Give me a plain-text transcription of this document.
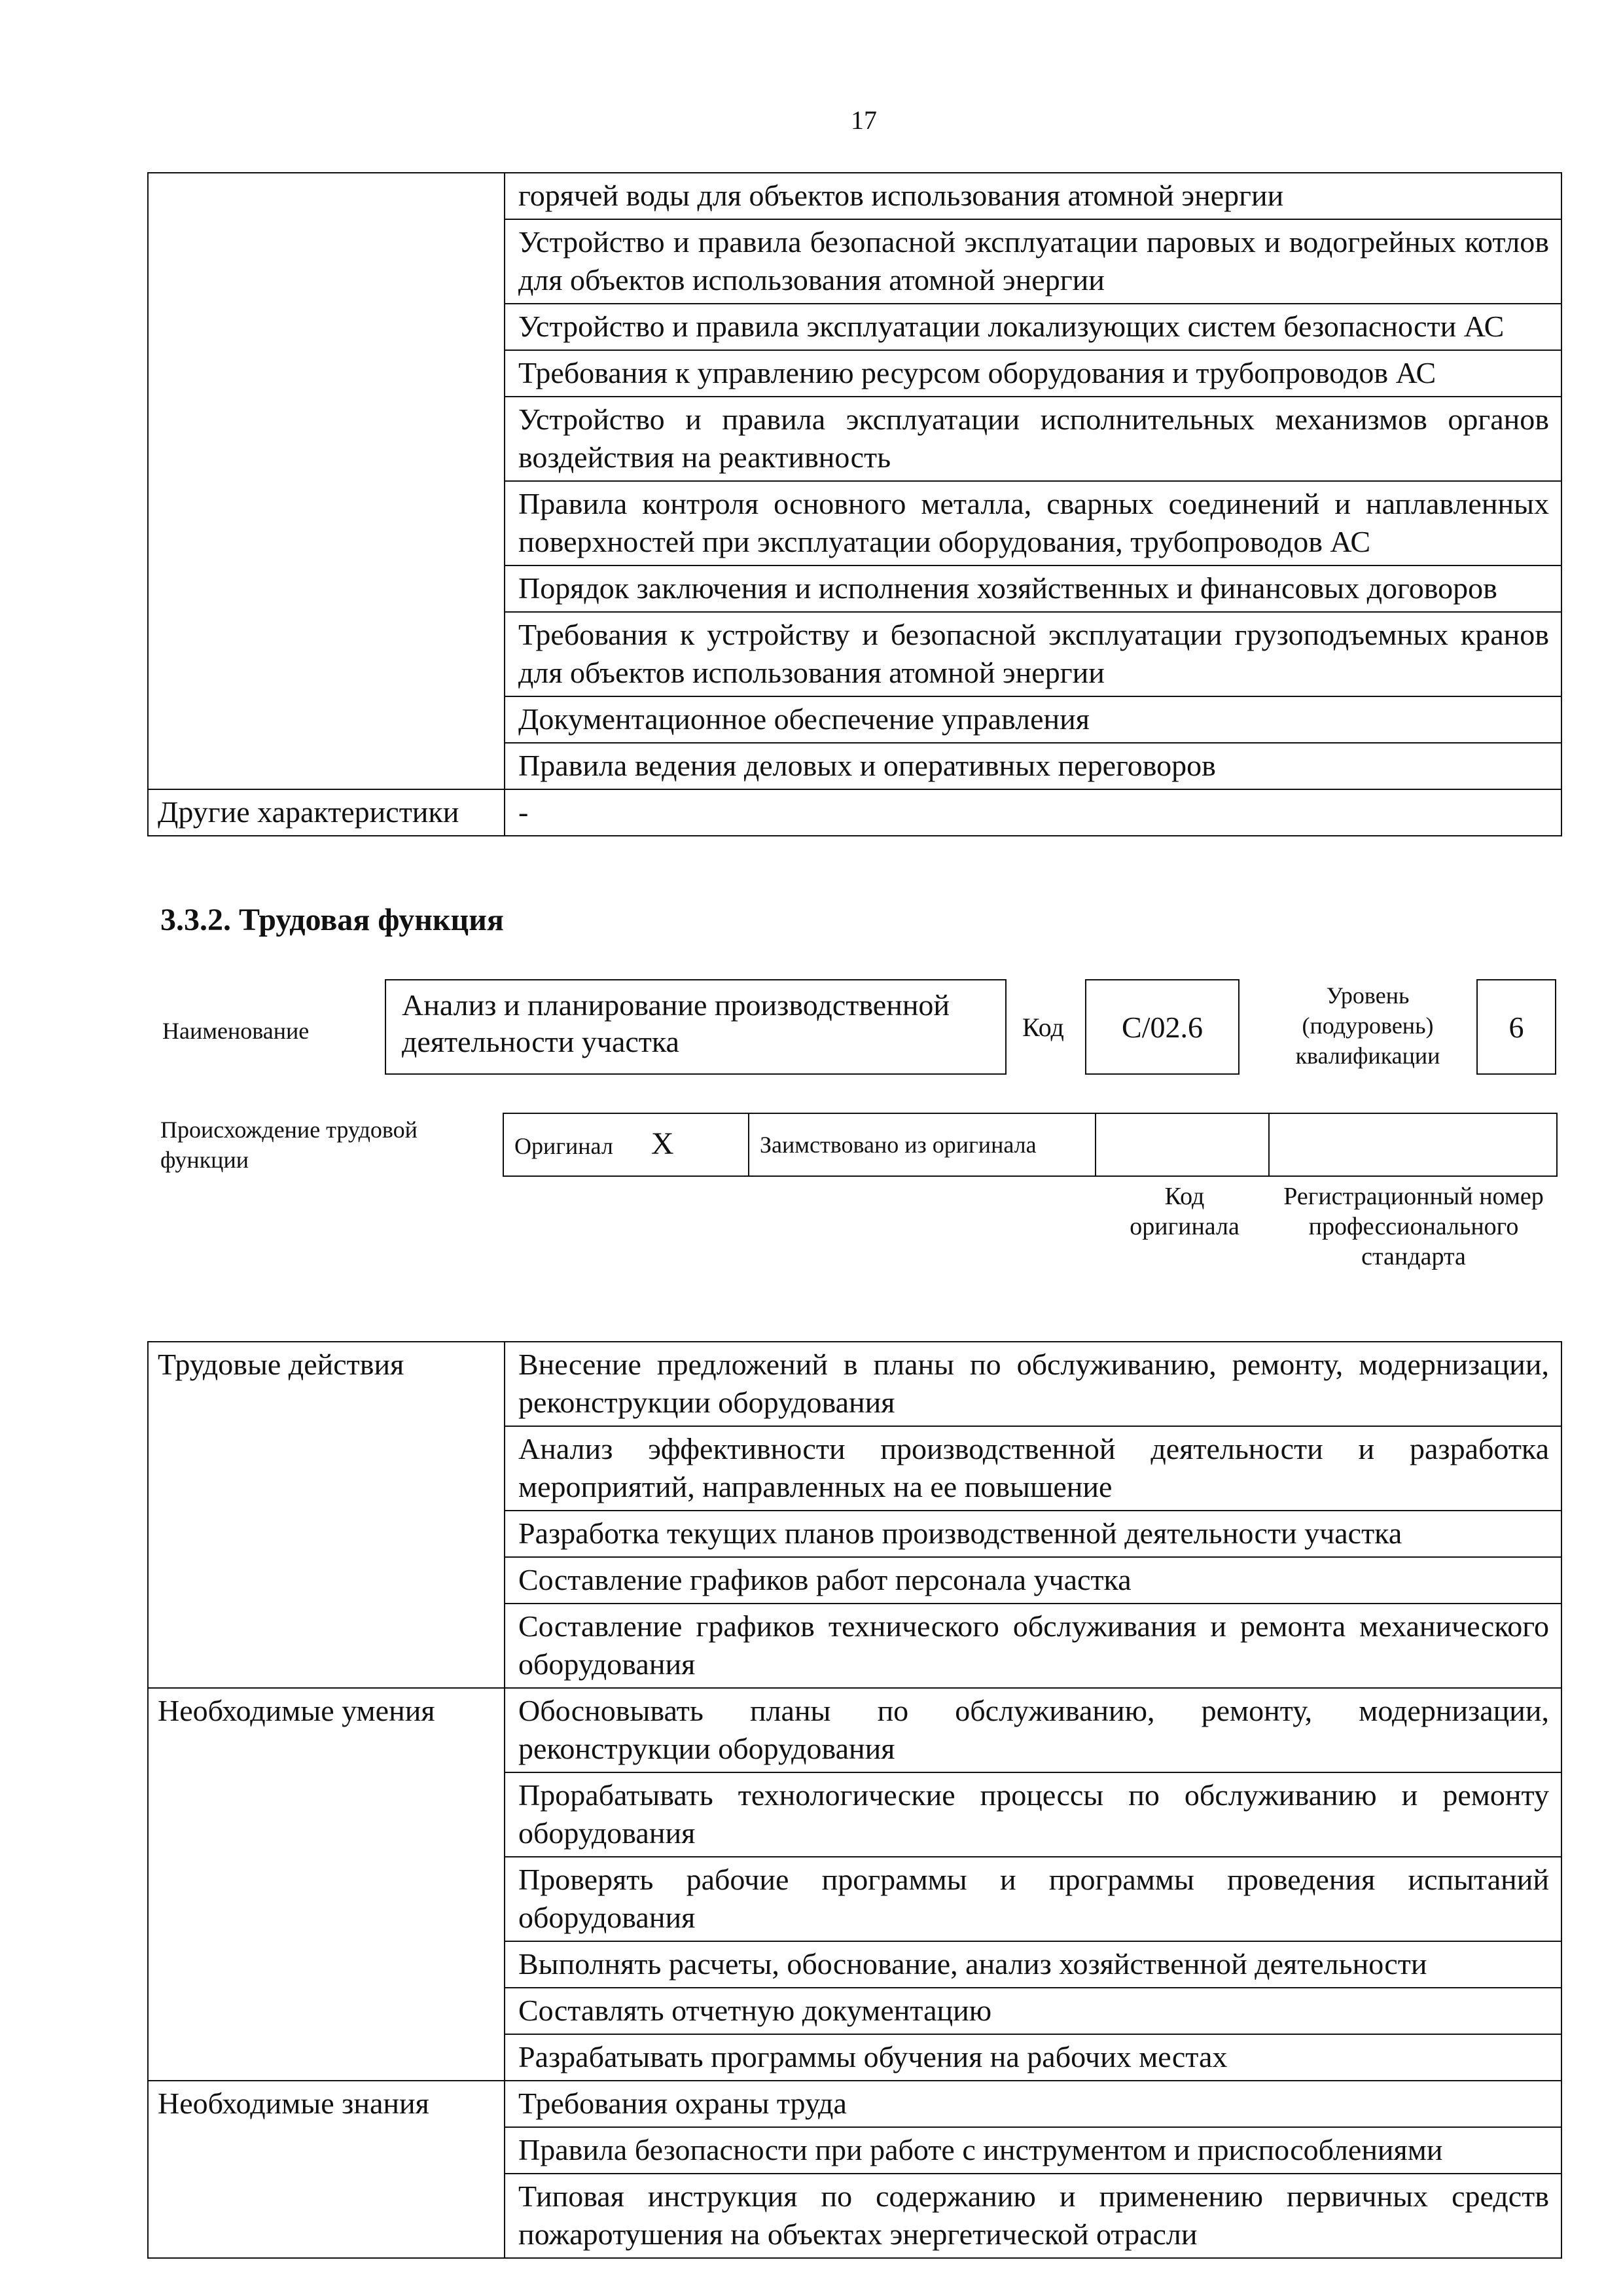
17
	горячей воды для объектов использования атомной энергии
	Устройство и правила безопасной эксплуатации паровых и водогрейных котлов для объектов использования атомной энергии
	Устройство и правила эксплуатации локализующих систем безопасности АС
	Требования к управлению ресурсом оборудования и трубопроводов АС
	Устройство и правила эксплуатации исполнительных механизмов органов воздействия на реактивность
	Правила контроля основного металла, сварных соединений и наплавленных поверхностей при эксплуатации оборудования, трубопроводов АС
	Порядок заключения и исполнения хозяйственных и финансовых договоров
	Требования к устройству и безопасной эксплуатации грузоподъемных кранов для объектов использования атомной энергии
	Документационное обеспечение управления
	Правила ведения деловых и оперативных переговоров
Другие характеристики	-
3.3.2. Трудовая функция
Наименование
Анализ и планирование производственной деятельности участка	Код	С/02.6
Уровень
(подуровень)
квалификации
6
Происхождение трудовой функции
Оригинал X	Заимствовано из оригинала		
Код оригинала
Регистрационный номер профессионального стандарта
Трудовые действия	Внесение предложений в планы по обслуживанию, ремонту, модернизации, реконструкции оборудования
	Анализ эффективности производственной деятельности и разработка мероприятий, направленных на ее повышение
	Разработка текущих планов производственной деятельности участка
	Составление графиков работ персонала участка
	Составление графиков технического обслуживания и ремонта механического оборудования
Необходимые умения	Обосновывать планы по обслуживанию, ремонту, модернизации, реконструкции оборудования
	Прорабатывать технологические процессы по обслуживанию и ремонту оборудования
	Проверять рабочие программы и программы проведения испытаний оборудования
	Выполнять расчеты, обоснование, анализ хозяйственной деятельности
	Составлять отчетную документацию
	Разрабатывать программы обучения на рабочих местах
Необходимые знания	Требования охраны труда
	Правила безопасности при работе с инструментом и приспособлениями
	Типовая инструкция по содержанию и применению первичных средств пожаротушения на объектах энергетической отрасли
